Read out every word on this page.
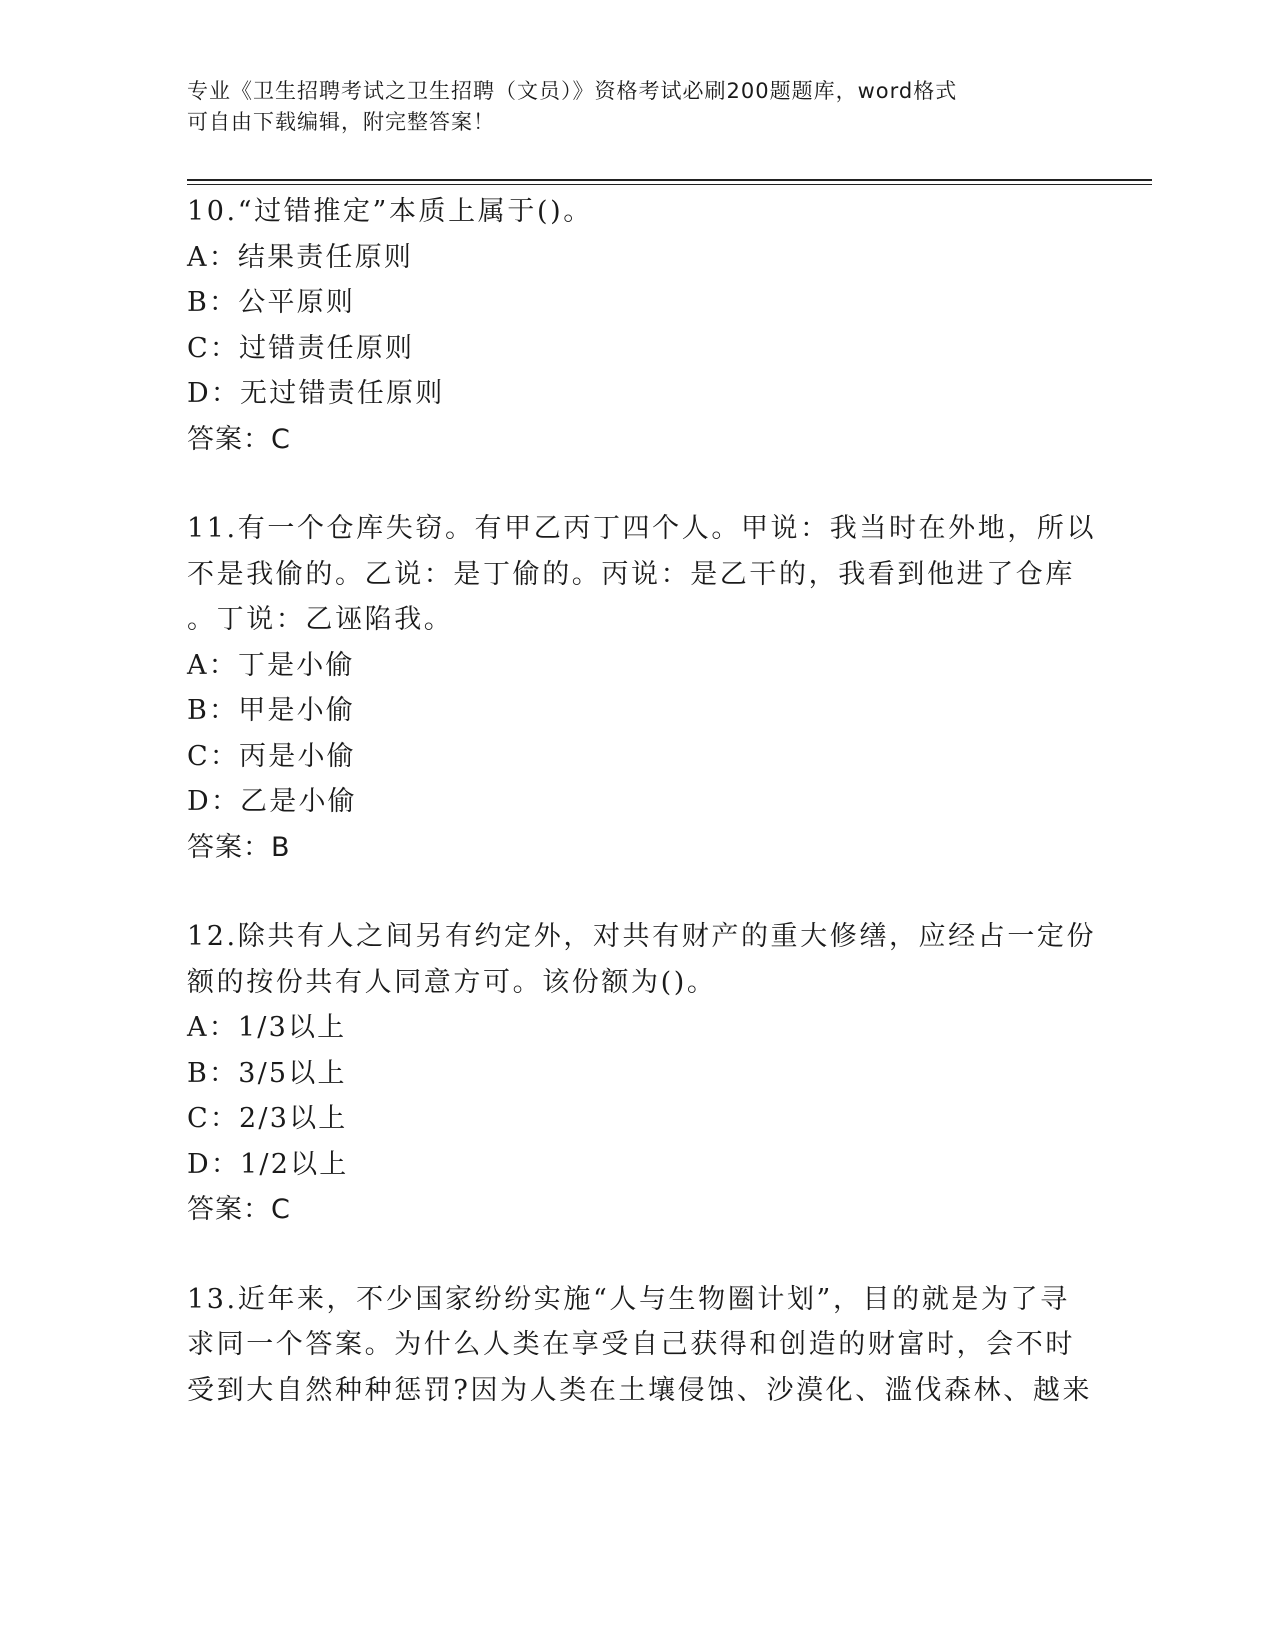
专业《卫生招聘考试之卫生招聘（文员）》资格考试必刷200题题库，word格式
可自由下载编辑，附完整答案！
10.“过错推定”本质上属于()。
A：结果责任原则
B：公平原则
C：过错责任原则
D：无过错责任原则
答案：C
11.有一个仓库失窃。有甲乙丙丁四个人。甲说：我当时在外地，所以
不是我偷的。乙说：是丁偷的。丙说：是乙干的，我看到他进了仓库
。丁说：乙诬陷我。
A：丁是小偷
B：甲是小偷
C：丙是小偷
D：乙是小偷
答案：B
12.除共有人之间另有约定外，对共有财产的重大修缮，应经占一定份
额的按份共有人同意方可。该份额为()。
A：1/3以上
B：3/5以上
C：2/3以上
D：1/2以上
答案：C
13.近年来，不少国家纷纷实施“人与生物圈计划”，目的就是为了寻
求同一个答案。为什么人类在享受自己获得和创造的财富时，会不时
受到大自然种种惩罚?因为人类在土壤侵蚀、沙漠化、滥伐森林、越来
